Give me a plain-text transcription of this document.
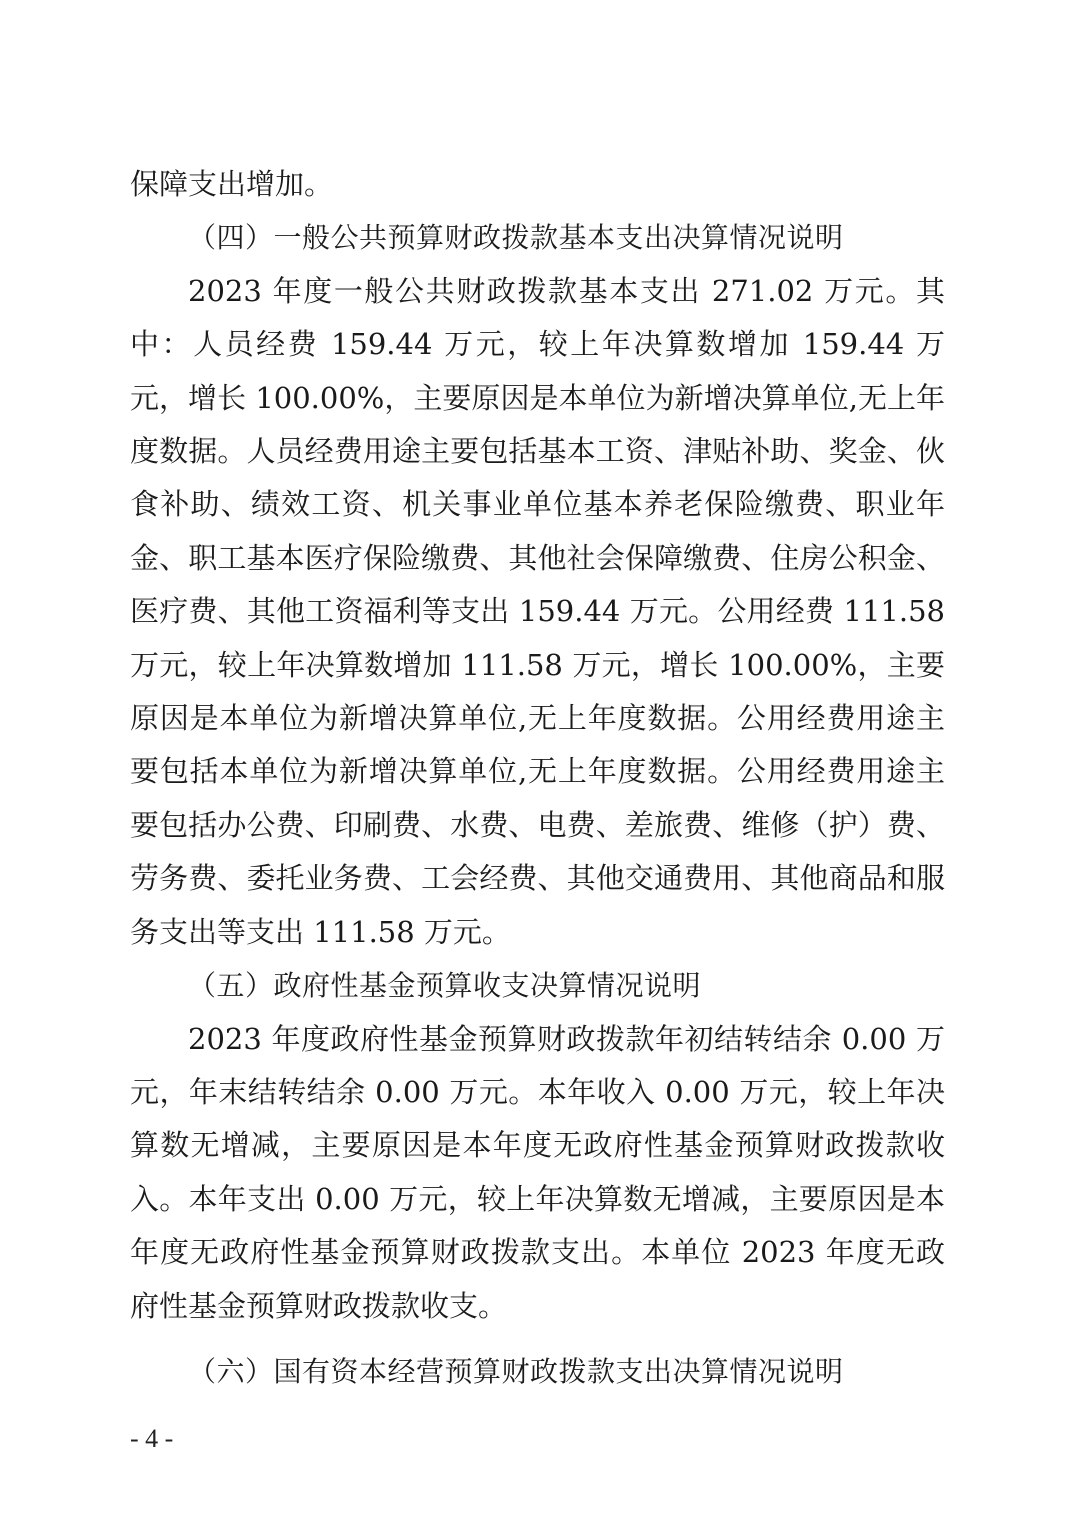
保障支出增加。

（四）一般公共预算财政拨款基本支出决算情况说明

2023 年度一般公共财政拨款基本支出 271.02 万元。其中：人员经费 159.44 万元，较上年决算数增加 159.44 万元，增长 100.00%，主要原因是本单位为新增决算单位,无上年度数据。人员经费用途主要包括基本工资、津贴补助、奖金、伙食补助、绩效工资、机关事业单位基本养老保险缴费、职业年金、职工基本医疗保险缴费、其他社会保障缴费、住房公积金、医疗费、其他工资福利等支出 159.44 万元。公用经费 111.58 万元，较上年决算数增加 111.58 万元，增长 100.00%，主要原因是本单位为新增决算单位,无上年度数据。公用经费用途主要包括本单位为新增决算单位,无上年度数据。公用经费用途主要包括办公费、印刷费、水费、电费、差旅费、维修（护）费、劳务费、委托业务费、工会经费、其他交通费用、其他商品和服务支出等支出 111.58 万元。

（五）政府性基金预算收支决算情况说明

2023 年度政府性基金预算财政拨款年初结转结余 0.00 万元，年末结转结余 0.00 万元。本年收入 0.00 万元，较上年决算数无增减，主要原因是本年度无政府性基金预算财政拨款收入。本年支出 0.00 万元，较上年决算数无增减，主要原因是本年度无政府性基金预算财政拨款支出。本单位 2023 年度无政府性基金预算财政拨款收支。

（六）国有资本经营预算财政拨款支出决算情况说明

- 4 -
